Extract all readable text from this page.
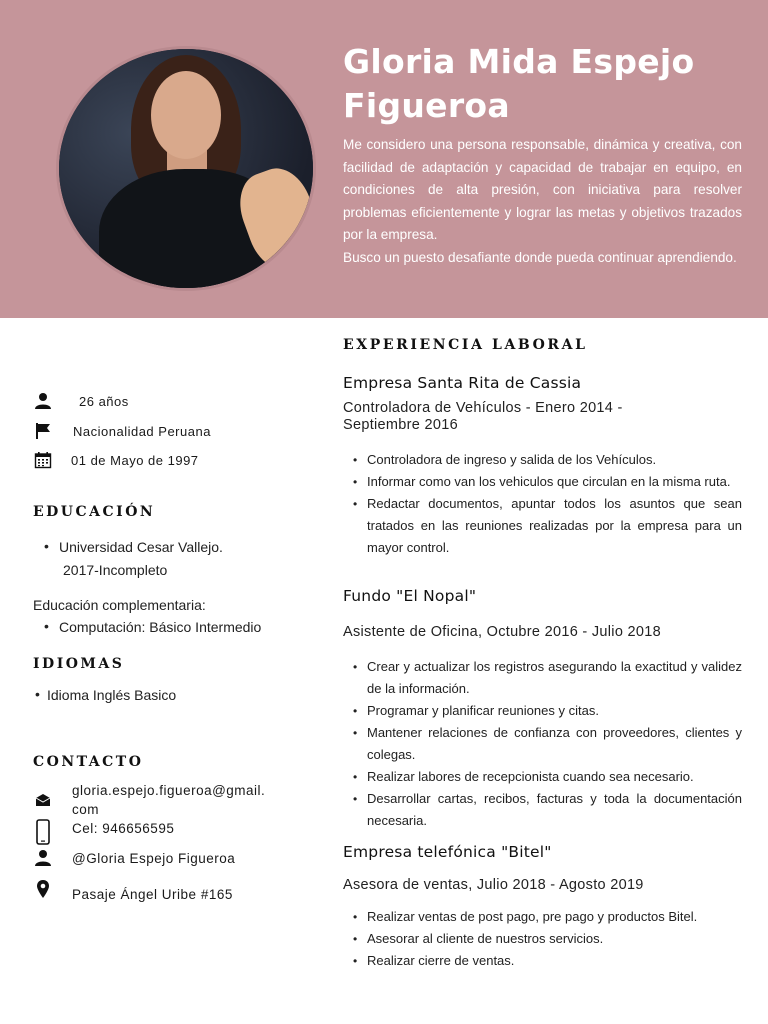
Gloria Mida Espejo Figueroa

Me considero una persona responsable, dinámica y creativa, con facilidad de adaptación y capacidad de trabajar en equipo, en condiciones de alta presión, con iniciativa para resolver problemas eficientemente y lograr las metas y objetivos trazados por la empresa.

Busco un puesto desafiante donde pueda continuar aprendiendo.

26 años
Nacionalidad Peruana
01 de Mayo de 1997
EDUCACIÓN
• Universidad Cesar Vallejo.
2017-Incompleto
Educación complementaria:
• Computación: Básico Intermedio
IDIOMAS
• Idioma Inglés Basico
CONTACTO
gloria.espejo.figueroa@gmail.
com
Cel: 946656595
@Gloria Espejo Figueroa
Pasaje Ángel Uribe #165
EXPERIENCIA LABORAL
Empresa Santa Rita de Cassia
Controladora de Vehículos - Enero 2014 - Septiembre 2016
• Controladora de ingreso y salida de los Vehículos.
• Informar como van los vehiculos que circulan en la misma ruta.
• Redactar documentos, apuntar todos los asuntos que sean tratados en las reuniones realizadas por la empresa para un mayor control.
Fundo "El Nopal"
Asistente de Oficina, Octubre 2016 - Julio 2018
• Crear y actualizar los registros asegurando la exactitud y validez de la información.
• Programar y planificar reuniones y citas.
• Mantener relaciones de confianza con proveedores, clientes y colegas.
• Realizar labores de recepcionista cuando sea necesario.
• Desarrollar cartas, recibos, facturas y toda la documentación necesaria.
Empresa telefónica "Bitel"
Asesora de ventas, Julio 2018 - Agosto 2019
• Realizar ventas de post pago, pre pago y productos Bitel.
• Asesorar al cliente de nuestros servicios.
• Realizar cierre de ventas.
